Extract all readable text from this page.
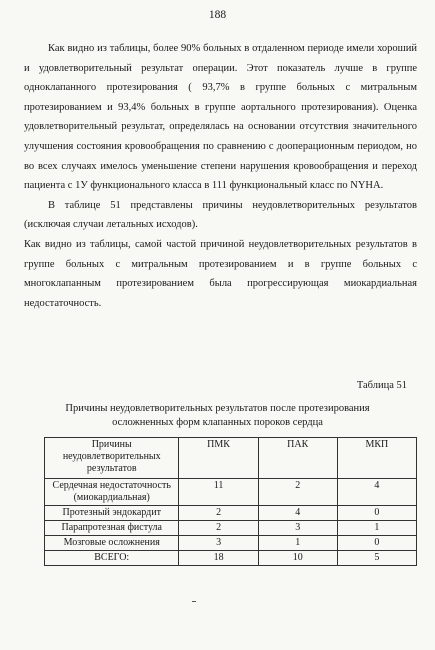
188

Как видно из таблицы, более 90% больных в отдаленном периоде имели хороший и удовлетворительный результат операции. Этот показатель лучше в группе одноклапанного протезирования ( 93,7% в группе больных с митральным протезированием и 93,4% больных в группе аортального протезирования). Оценка удовлетворительный результат, определялась на основании отсутствия значительного улучшения состояния кровообращения по сравнению с дооперационным периодом, но во всех случаях имелось уменьшение степени нарушения кровообращения и переход пациента с 1У функционального класса в 111 функциональный класс по NYHA.

В таблице 51 представлены причины неудовлетворительных результатов (исключая случаи летальных исходов).

Как видно из таблицы, самой частой причиной неудовлетворительных результатов в группе больных с митральным протезированием и в группе больных с многоклапанным протезированием была прогрессирующая миокардиальная недостаточность.

Таблица 51
Причины неудовлетворительных результатов после протезирования
осложненных форм клапанных пороков сердца
Причины неудовлетворительных результатов	ПМК	ПАК	МКП
Сердечная недостаточность (миокардиальная)	11	2	4
Протезный эндокардит	2	4	0
Парапротезная фистула	2	3	1
Мозговые осложнения	3	1	0
ВСЕГО:	18	10	5
